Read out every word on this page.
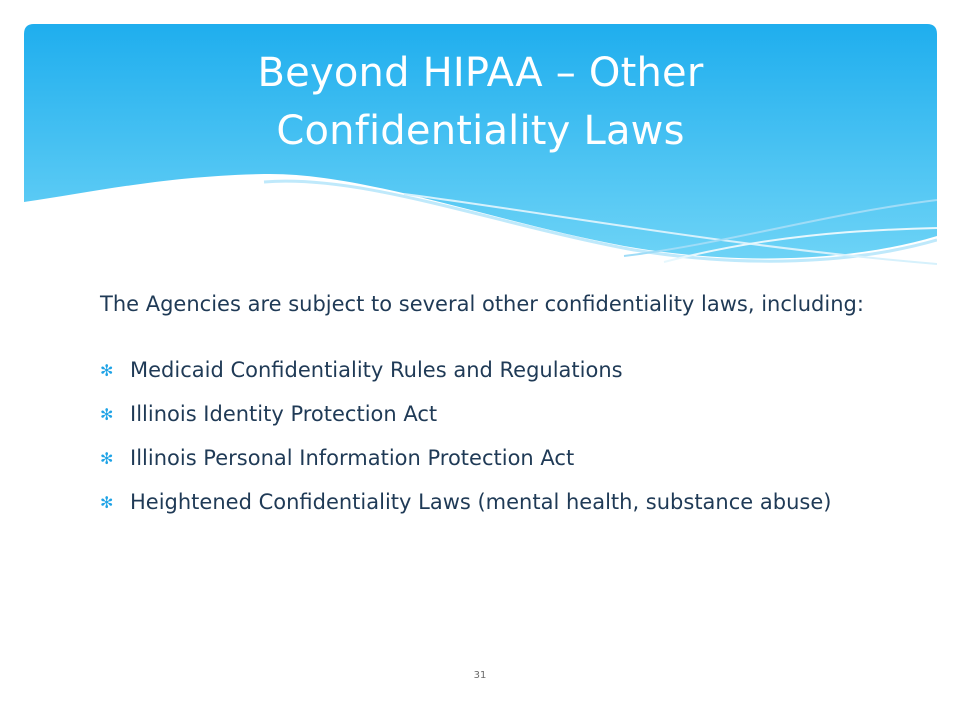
Beyond HIPAA – Other
Confidentiality Laws

The Agencies are subject to several other confidentiality laws, including:

✻ Medicaid Confidentiality Rules and Regulations
✻ Illinois Identity Protection Act
✻ Illinois Personal Information Protection Act
✻ Heightened Confidentiality Laws (mental health, substance abuse)
31
